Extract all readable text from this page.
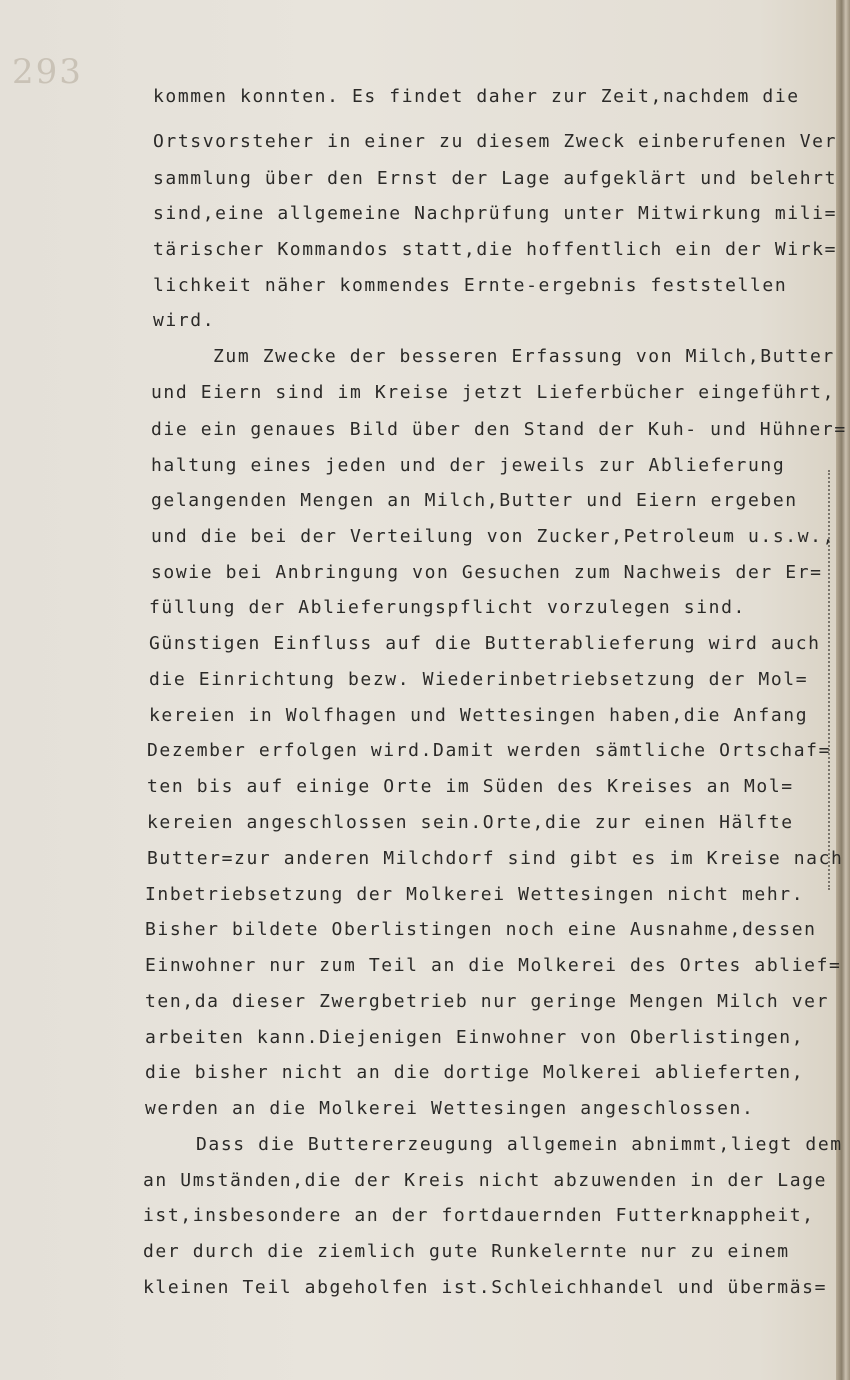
293
kommen konnten. Es findet daher zur Zeit,nachdem die
Ortsvorsteher in einer zu diesem Zweck einberufenen Ver
sammlung über den Ernst der Lage aufgeklärt und belehrt
sind,eine allgemeine Nachprüfung unter Mitwirkung mili=
tärischer Kommandos statt,die hoffentlich ein der Wirk=
lichkeit näher kommendes Ernte-ergebnis feststellen
wird.
Zum Zwecke der besseren Erfassung von Milch,Butter
und Eiern sind im Kreise jetzt Lieferbücher eingeführt,
die ein genaues Bild über den Stand der Kuh- und Hühner=
haltung eines jeden und der jeweils zur Ablieferung
gelangenden Mengen an Milch,Butter und Eiern ergeben
und die bei der Verteilung von Zucker,Petroleum u.s.w.,
sowie bei Anbringung von Gesuchen zum Nachweis der Er=
füllung der Ablieferungspflicht vorzulegen sind.
Günstigen Einfluss auf die Butterablieferung wird auch
die Einrichtung bezw. Wiederinbetriebsetzung der Mol=
kereien in Wolfhagen und Wettesingen haben,die Anfang
Dezember erfolgen wird.Damit werden sämtliche Ortschaf=
ten bis auf einige Orte im Süden des Kreises an Mol=
kereien angeschlossen sein.Orte,die zur einen Hälfte
Butter=zur anderen Milchdorf sind gibt es im Kreise nach
Inbetriebsetzung der Molkerei Wettesingen nicht mehr.
Bisher bildete Oberlistingen noch eine Ausnahme,dessen
Einwohner nur zum Teil an die Molkerei des Ortes ablief=
ten,da dieser Zwergbetrieb nur geringe Mengen Milch ver
arbeiten kann.Diejenigen Einwohner von Oberlistingen,
die bisher nicht an die dortige Molkerei ablieferten,
werden an die Molkerei Wettesingen angeschlossen.
Dass die Buttererzeugung allgemein abnimmt,liegt dem
an Umständen,die der Kreis nicht abzuwenden in der Lage
ist,insbesondere an der fortdauernden Futterknappheit,
der durch die ziemlich gute Runkelernte nur zu einem
kleinen Teil abgeholfen ist.Schleichhandel und übermäs=
